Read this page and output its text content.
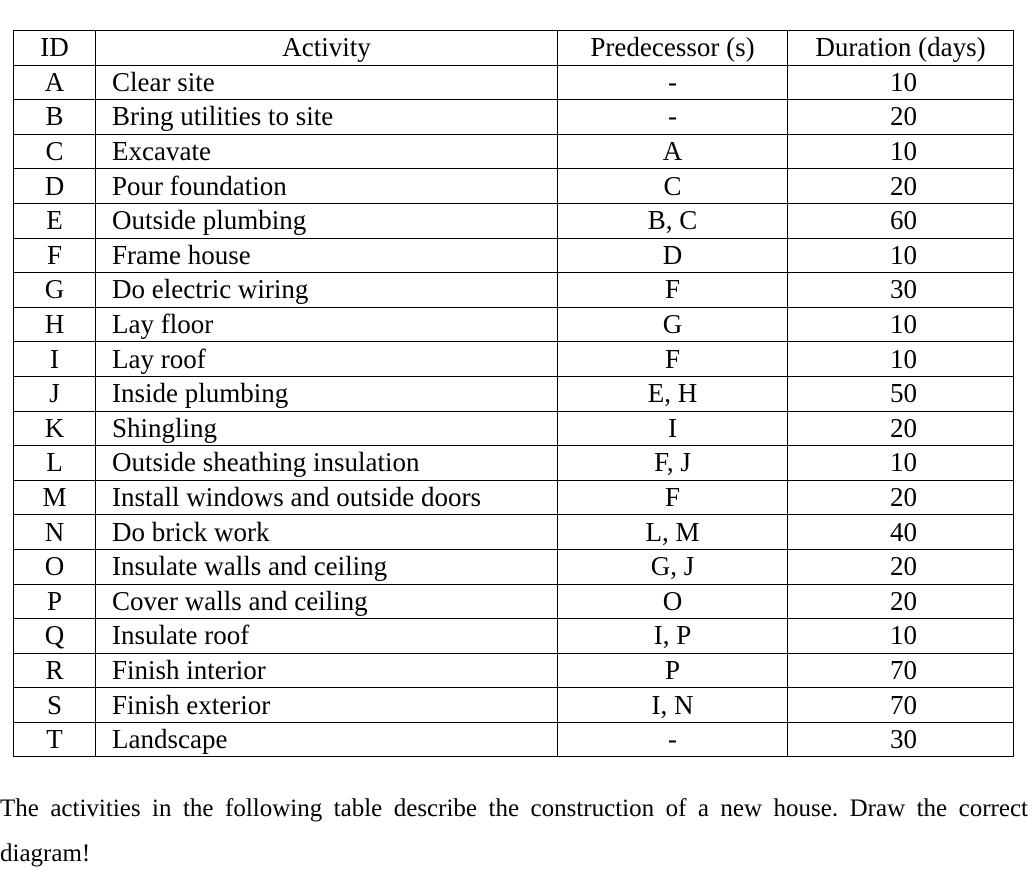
ID	Activity	Predecessor (s)	Duration (days)
A	Clear site	-	10
B	Bring utilities to site	-	20
C	Excavate	A	10
D	Pour foundation	C	20
E	Outside plumbing	B, C	60
F	Frame house	D	10
G	Do electric wiring	F	30
H	Lay floor	G	10
I	Lay roof	F	10
J	Inside plumbing	E, H	50
K	Shingling	I	20
L	Outside sheathing insulation	F, J	10
M	Install windows and outside doors	F	20
N	Do brick work	L, M	40
O	Insulate walls and ceiling	G, J	20
P	Cover walls and ceiling	O	20
Q	Insulate roof	I, P	10
R	Finish interior	P	70
S	Finish exterior	I, N	70
T	Landscape	-	30

The activities in the following table describe the construction of a new house. Draw the correct diagram!
